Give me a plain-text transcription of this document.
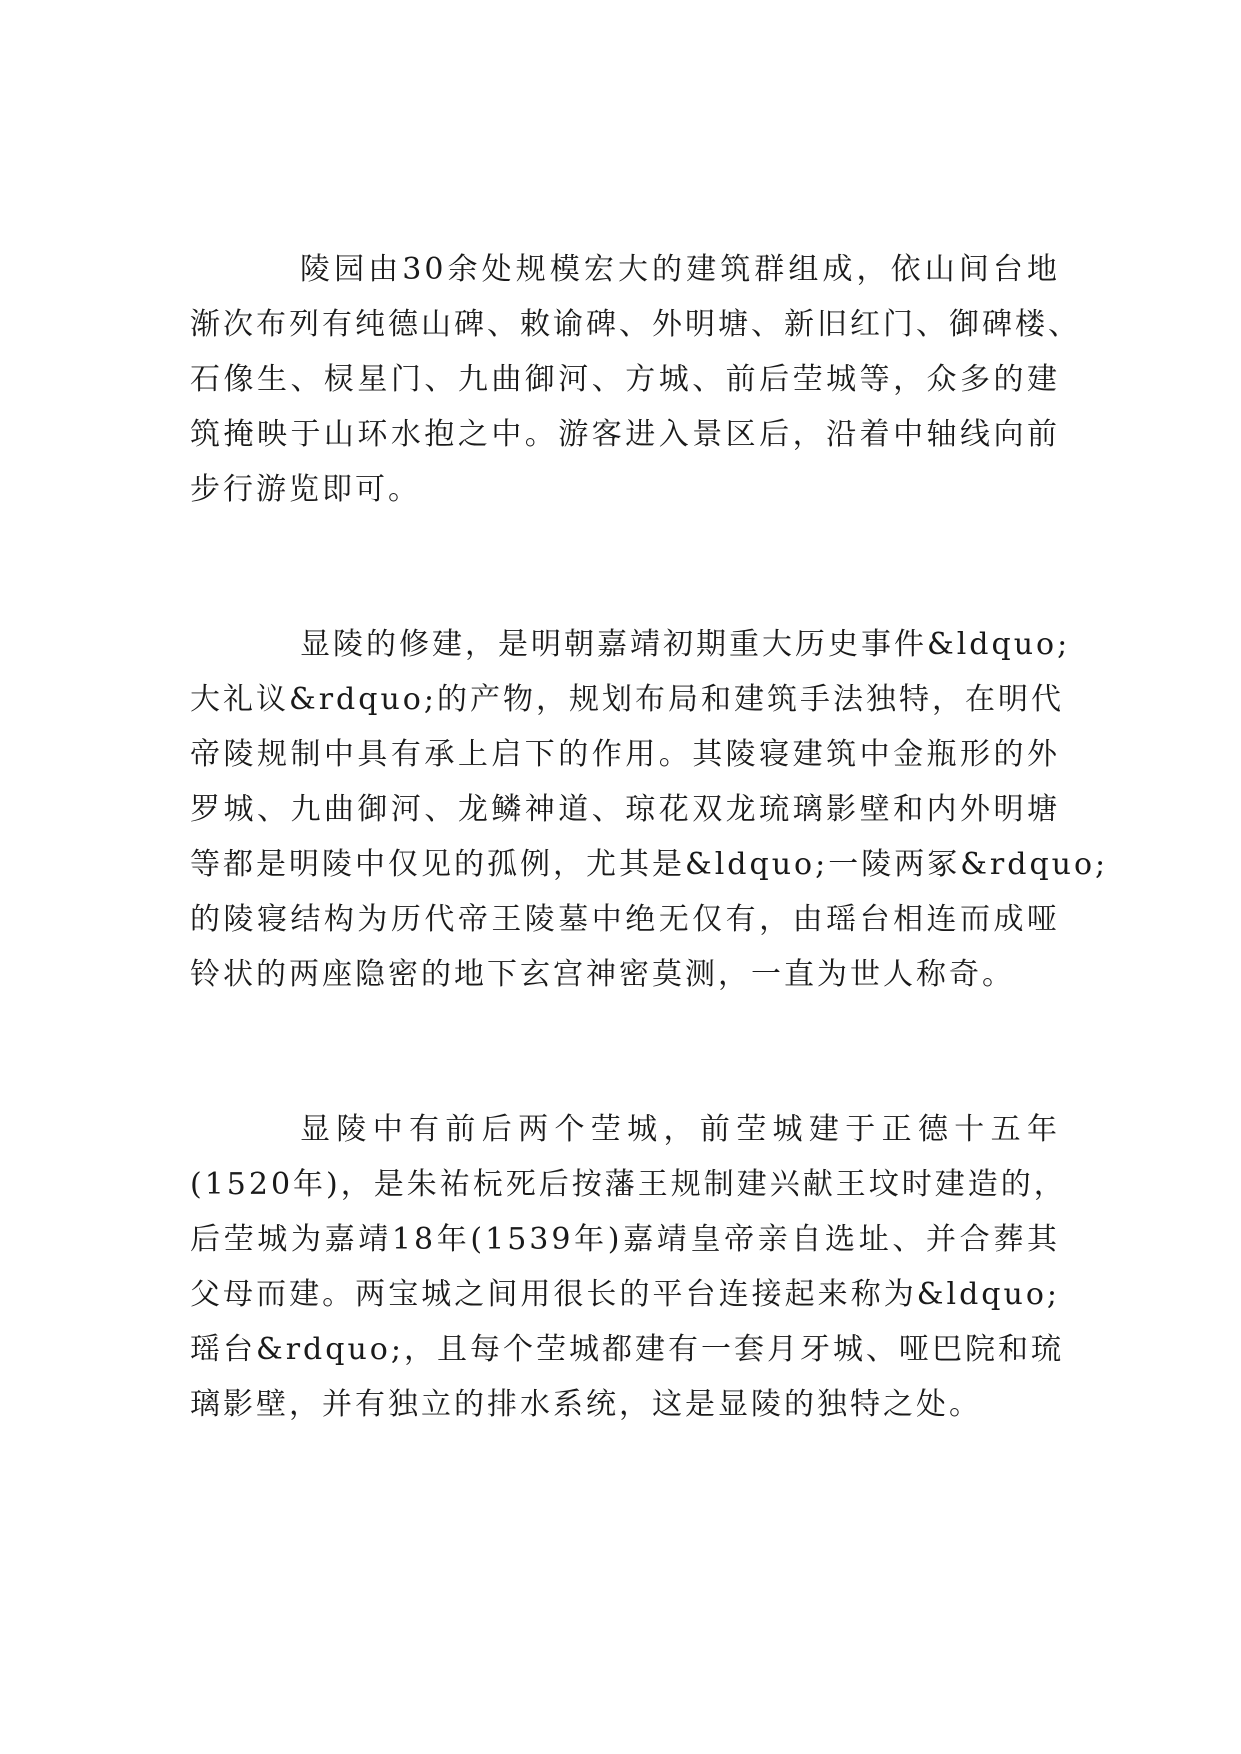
陵园由30余处规模宏大的建筑群组成，依山间台地

渐次布列有纯德山碑、敕谕碑、外明塘、新旧红门、御碑楼、

石像生、棂星门、九曲御河、方城、前后茔城等，众多的建

筑掩映于山环水抱之中。游客进入景区后，沿着中轴线向前

步行游览即可。

显陵的修建，是明朝嘉靖初期重大历史事件&ldquo;

大礼议&rdquo;的产物，规划布局和建筑手法独特，在明代

帝陵规制中具有承上启下的作用。其陵寝建筑中金瓶形的外

罗城、九曲御河、龙鳞神道、琼花双龙琉璃影壁和内外明塘

等都是明陵中仅见的孤例，尤其是&ldquo;一陵两冢&rdquo;

的陵寝结构为历代帝王陵墓中绝无仅有，由瑶台相连而成哑

铃状的两座隐密的地下玄宫神密莫测，一直为世人称奇。

显陵中有前后两个茔城，前茔城建于正德十五年

(1520年)，是朱祐杬死后按藩王规制建兴献王坟时建造的，

后茔城为嘉靖18年(1539年)嘉靖皇帝亲自选址、并合葬其

父母而建。两宝城之间用很长的平台连接起来称为&ldquo;

瑶台&rdquo;，且每个茔城都建有一套月牙城、哑巴院和琉

璃影壁，并有独立的排水系统，这是显陵的独特之处。
